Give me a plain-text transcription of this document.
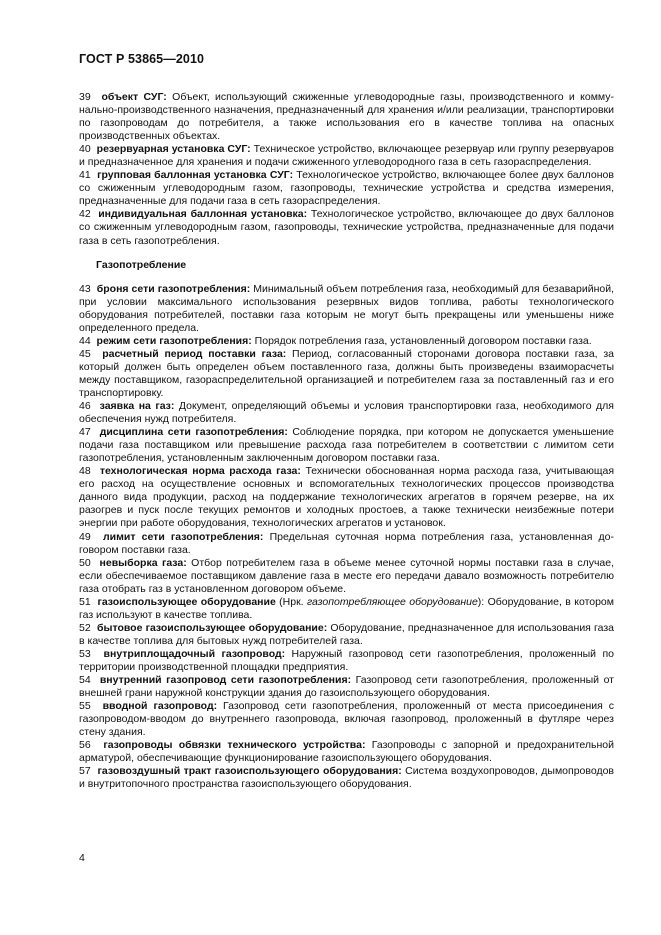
ГОСТ Р 53865—2010

39 объект СУГ: Объект, использующий сжиженные углеводородные газы, производственного и коммунально-производственного назначения, предназначенный для хранения и/или реализации, транспортировки по газопроводам до потребителя, а также использования его в качестве топлива на опасных производственных объектах.

40 резервуарная установка СУГ: Техническое устройство, включающее резервуар или группу резервуаров и предназначенное для хранения и подачи сжиженного углеводородного газа в сеть газораспределения.

41 групповая баллонная установка СУГ: Технологическое устройство, включающее более двух баллонов со сжиженным углеводородным газом, газопроводы, технические устройства и средства измерения, предназначенные для подачи газа в сеть газораспределения.

42 индивидуальная баллонная установка: Технологическое устройство, включающее до двух баллонов со сжиженным углеводородным газом, газопроводы, технические устройства, предназначенные для подачи газа в сеть газопотребления.

Газопотребление

43 броня сети газопотребления: Минимальный объем потребления газа, необходимый для безаварийной, при условии максимального использования резервных видов топлива, работы технологического оборудования потребителей, поставки газа которым не могут быть прекращены или уменьшены ниже определенного предела.

44 режим сети газопотребления: Порядок потребления газа, установленный договором поставки газа.

45 расчетный период поставки газа: Период, согласованный сторонами договора поставки газа, за который должен быть определен объем поставленного газа, должны быть произведены взаиморасчеты между поставщиком, газораспределительной организацией и потребителем газа за поставленный газ и его транспортировку.

46 заявка на газ: Документ, определяющий объемы и условия транспортировки газа, необходимого для обеспечения нужд потребителя.

47 дисциплина сети газопотребления: Соблюдение порядка, при котором не допускается уменьшение подачи газа поставщиком или превышение расхода газа потребителем в соответствии с лимитом сети газопотребления, установленным заключенным договором поставки газа.

48 технологическая норма расхода газа: Технически обоснованная норма расхода газа, учитывающая его расход на осуществление основных и вспомогательных технологических процессов производства данного вида продукции, расход на поддержание технологических агрегатов в горячем резерве, на их разогрев и пуск после текущих ремонтов и холодных простоев, а также технически неизбежные потери энергии при работе оборудования, технологических агрегатов и установок.

49 лимит сети газопотребления: Предельная суточная норма потребления газа, установленная договором поставки газа.

50 невыборка газа: Отбор потребителем газа в объеме менее суточной нормы поставки газа в случае, если обеспечиваемое поставщиком давление газа в месте его передачи давало возможность потребителю газа отобрать газ в установленном договором объеме.

51 газоиспользующее оборудование (Нрк. газопотребляющее оборудование): Оборудование, в котором газ используют в качестве топлива.

52 бытовое газоиспользующее оборудование: Оборудование, предназначенное для использования газа в качестве топлива для бытовых нужд потребителей газа.

53 внутриплощадочный газопровод: Наружный газопровод сети газопотребления, проложенный по территории производственной площадки предприятия.

54 внутренний газопровод сети газопотребления: Газопровод сети газопотребления, проложенный от внешней грани наружной конструкции здания до газоиспользующего оборудования.

55 вводной газопровод: Газопровод сети газопотребления, проложенный от места присоединения с газопроводом-вводом до внутреннего газопровода, включая газопровод, проложенный в футляре через стену здания.

56 газопроводы обвязки технического устройства: Газопроводы с запорной и предохранительной арматурой, обеспечивающие функционирование газоиспользующего оборудования.

57 газовоздушный тракт газоиспользующего оборудования: Система воздухопроводов, дымопроводов и внутритопочного пространства газоиспользующего оборудования.

4
